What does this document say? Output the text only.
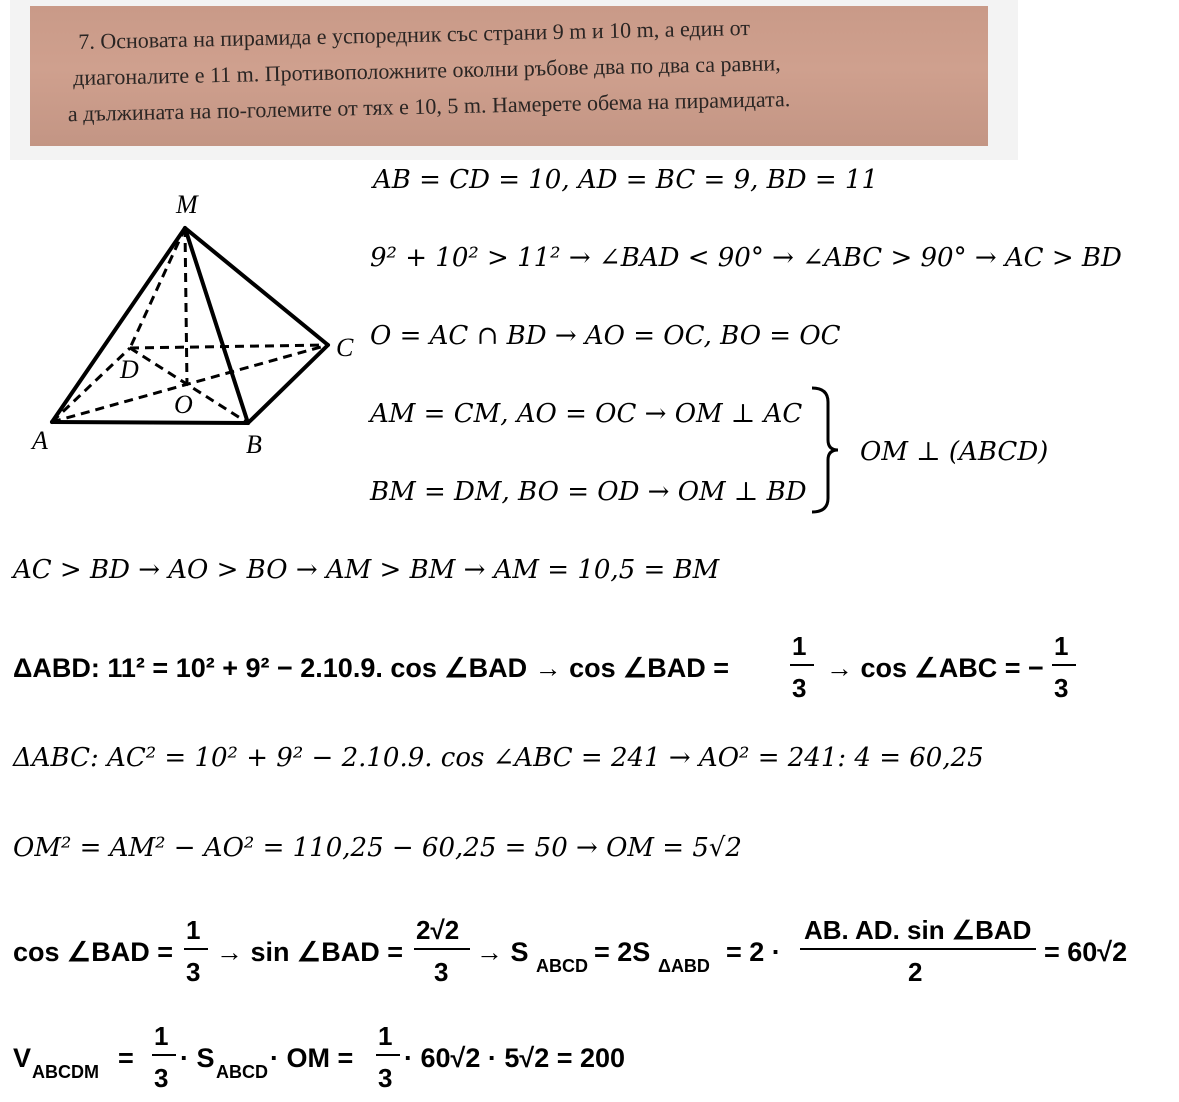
7. Основата на пирамида е успоредник със страни 9 m и 10 m, а един от
диагоналите е 11 m. Противоположните околни ръбове два по два са равни,
а дължината на по-големите от тях е 10, 5 m. Намерете обема на пирамидата.
M
A	B
C
D
O
AB = CD = 10, AD = BC = 9, BD = 11
9² + 10² > 11² → ∠BAD < 90° → ∠ABC > 90° → AC > BD
O = AC ∩ BD → AO = OC, BO = OC
AM = CM, AO = OC → OM ⊥ AC
BM = DM, BO = OD → OM ⊥ BD
OM ⊥ (ABCD)
AC > BD → AO > BO → AM > BM → AM = 10,5 = BM
ΔABD: 11² = 10² + 9² − 2.10.9. cos ∠BAD → cos ∠BAD =
1
3
→ cos ∠ABC = −
1
3
ΔABC: AC² = 10² + 9² − 2.10.9. cos ∠ABC = 241 → AO² = 241: 4 = 60,25
OM² = AM² − AO² = 110,25 − 60,25 = 50 → OM = 5√2
cos ∠BAD =
1
3
→ sin ∠BAD =
2√2
3
→ S ABCD = 2S ΔABD = 2 ·
AB. AD. sin ∠BAD
2
= 60√2
V ABCDM =
1
3
· S ABCD · OM =
1
3
· 60√2 · 5√2 = 200
